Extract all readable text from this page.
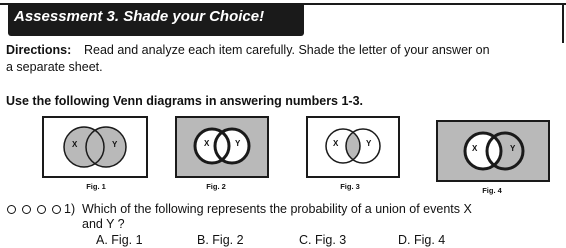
Assessment 3. Shade your Choice!
Directions: Read and analyze each item carefully. Shade the letter of your answer on
a separate sheet.
Use the following Venn diagrams in answering numbers 1-3.
X	Y
Fig. 1
X	Y
Fig. 2
X	Y
Fig. 3
X	Y
Fig. 4
1) Which of the following represents the probability of a union of events X
and Y ?
A. Fig. 1	B. Fig. 2	C. Fig. 3	D. Fig. 4
